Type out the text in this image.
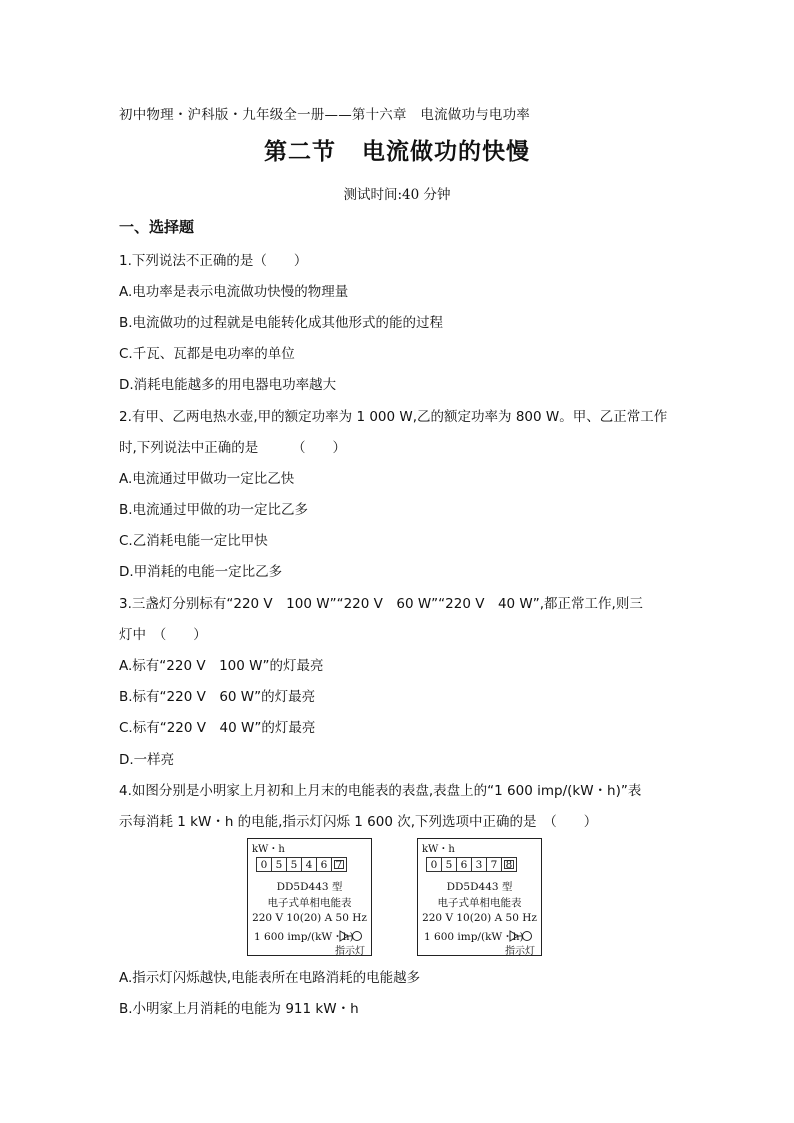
初中物理・沪科版・九年级全一册——第十六章　电流做功与电功率
第二节 电流做功的快慢
测试时间:40 分钟
一、选择题
1.下列说法不正确的是（　　）
A.电功率是表示电流做功快慢的物理量
B.电流做功的过程就是电能转化成其他形式的能的过程
C.千瓦、瓦都是电功率的单位
D.消耗电能越多的用电器电功率越大
2.有甲、乙两电热水壶,甲的额定功率为 1 000 W,乙的额定功率为 800 W。甲、乙正常工作
时,下列说法中正确的是　　　（　　）
A.电流通过甲做功一定比乙快
B.电流通过甲做的功一定比乙多
C.乙消耗电能一定比甲快
D.甲消耗的电能一定比乙多
3.三盏灯分别标有“220 V　100 W”“220 V　60 W”“220 V　40 W”,都正常工作,则三
灯中　（　　）
A.标有“220 V　100 W”的灯最亮
B.标有“220 V　60 W”的灯最亮
C.标有“220 V　40 W”的灯最亮
D.一样亮
4.如图分别是小明家上月初和上月末的电能表的表盘,表盘上的“1 600 imp/(kW・h)”表
示每消耗 1 kW・h 的电能,指示灯闪烁 1 600 次,下列选项中正确的是　（　　）
kW・h
0 5 5 4 6 7
DD5D443 型
电子式单相电能表
220 V 10(20) A 50 Hz
1 600 imp/(kW・h)
指示灯
kW・h
0 5 6 3 7 8
DD5D443 型
电子式单相电能表
220 V 10(20) A 50 Hz
1 600 imp/(kW・h)
指示灯
A.指示灯闪烁越快,电能表所在电路消耗的电能越多
B.小明家上月消耗的电能为 911 kW・h
